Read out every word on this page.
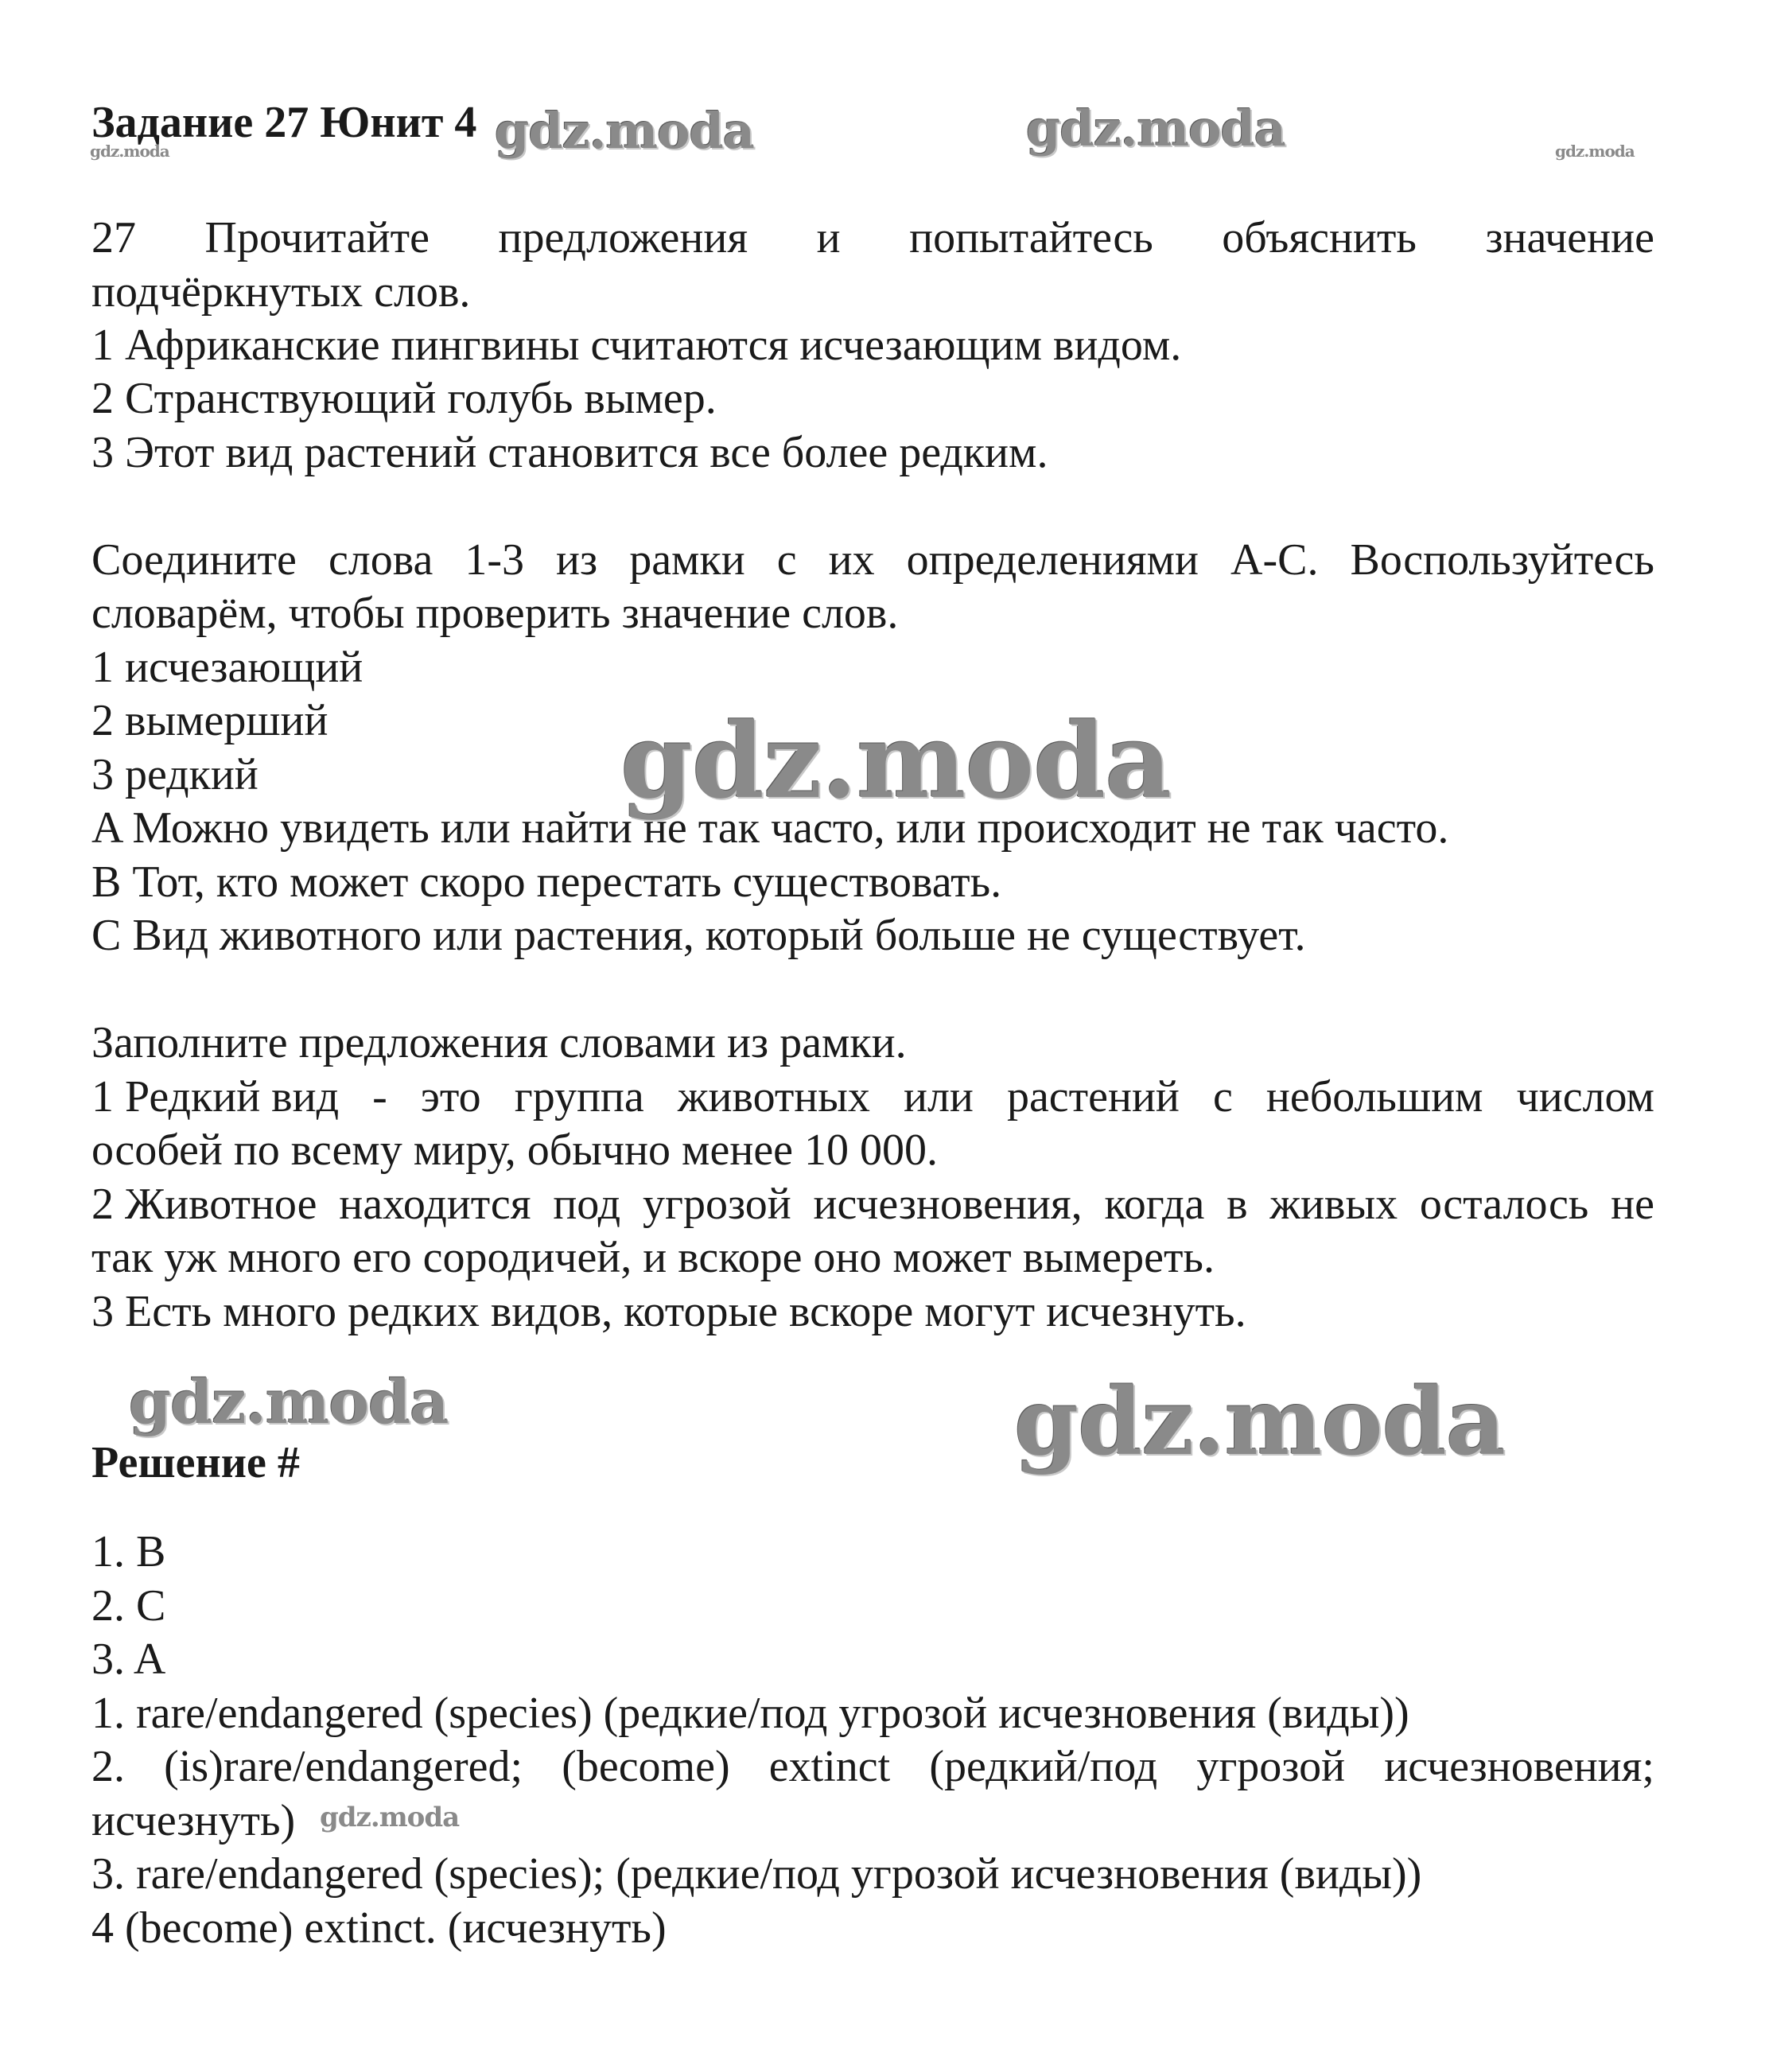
Задание 27 Юнит 4
27 Прочитайте предложения и попытайтесь объяснить значение
подчёркнутых слов.
1 Африканские пингвины считаются исчезающим видом.
2 Странствующий голубь вымер.
3 Этот вид растений становится все более редким.
Соедините слова 1-3 из рамки с их определениями A-C. Воспользуйтесь
словарём, чтобы проверить значение слов.
1 исчезающий
2 вымерший
3 редкий
A Можно увидеть или найти не так часто, или происходит не так часто.
B Тот, кто может скоро перестать существовать.
C Вид животного или растения, который больше не существует.
Заполните предложения словами из рамки.
1 Редкий вид - это группа животных или растений с небольшим числом
особей по всему миру, обычно менее 10 000.
2 Животное находится под угрозой исчезновения, когда в живых осталось не
так уж много его сородичей, и вскоре оно может вымереть.
3 Есть много редких видов, которые вскоре могут исчезнуть.
Решение #
1. B
2. C
3. A
1. rare/endangered (species) (редкие/под угрозой исчезновения (виды))
2. (is)rare/endangered; (become) extinct (редкий/под угрозой исчезновения;
исчезнуть)
3. rare/endangered (species); (редкие/под угрозой исчезновения (виды))
4 (become) extinct. (исчезнуть)
gdz.moda	gdz.moda
gdz.moda	gdz.moda
gdz.moda
gdz.moda	gdz.moda
gdz.moda
